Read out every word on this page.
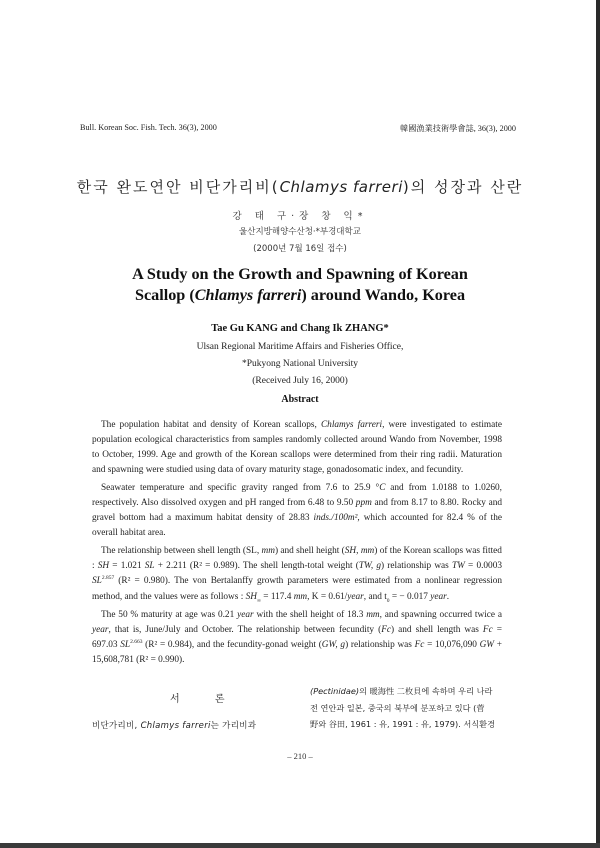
Bull. Korean Soc. Fish. Tech. 36(3), 2000	韓國漁業技術學會誌, 36(3), 2000
한국 완도연안 비단가리비(Chlamys farreri)의 성장과 산란
강 태 구·장 창 익*
울산지방해양수산청·*부경대학교
(2000년 7월 16일 접수)
A Study on the Growth and Spawning of Korean
Scallop (Chlamys farreri) around Wando, Korea
Tae Gu KANG and Chang Ik ZHANG*
Ulsan Regional Maritime Affairs and Fisheries Office,
*Pukyong National University
(Received July 16, 2000)
Abstract

The population habitat and density of Korean scallops, Chlamys farreri, were investigated to estimate population ecological characteristics from samples randomly collected around Wando from November, 1998 to October, 1999. Age and growth of the Korean scallops were determined from their ring radii. Maturation and spawning were studied using data of ovary maturity stage, gonadosomatic index, and fecundity.

Seawater temperature and specific gravity ranged from 7.6 to 25.9 °C and from 1.0188 to 1.0260, respectively. Also dissolved oxygen and pH ranged from 6.48 to 9.50 ppm and from 8.17 to 8.80. Rocky and gravel bottom had a maximum habitat density of 28.83 inds./100m², which accounted for 82.4 % of the overall habitat area.

The relationship between shell length (SL, mm) and shell height (SH, mm) of the Korean scallops was fitted : SH = 1.021 SL + 2.211 (R² = 0.989). The shell length-total weight (TW, g) relationship was TW = 0.0003 $SL^{2.857}$ (R² = 0.980). The von Bertalanffy growth parameters were estimated from a nonlinear regression method, and the values were as follows : $SH_\infty = 117.4$ mm, K = 0.61/year, and $t_0$ = − 0.017 year.

The 50 % maturity at age was 0.21 year with the shell height of 18.3 mm, and spawning occurred twice a year, that is, June/July and October. The relationship between fecundity (Fc) and shell length was Fc = 697.03 $SL^{2.663}$ (R² = 0.984), and the fecundity-gonad weight (GW, g) relationship was Fc = 10,076,090 GW + 15,608,781 (R² = 0.990).

서 론
비단가리비, Chlamys farreri는 가리비과
(Pectinidae)의 暖海性 二枚貝에 속하며 우리 나라
전 연안과 일본, 중국의 북부에 분포하고 있다 (菅
野와 谷田, 1961 : 유, 1991 : 유, 1979). 서식환경
– 210 –
